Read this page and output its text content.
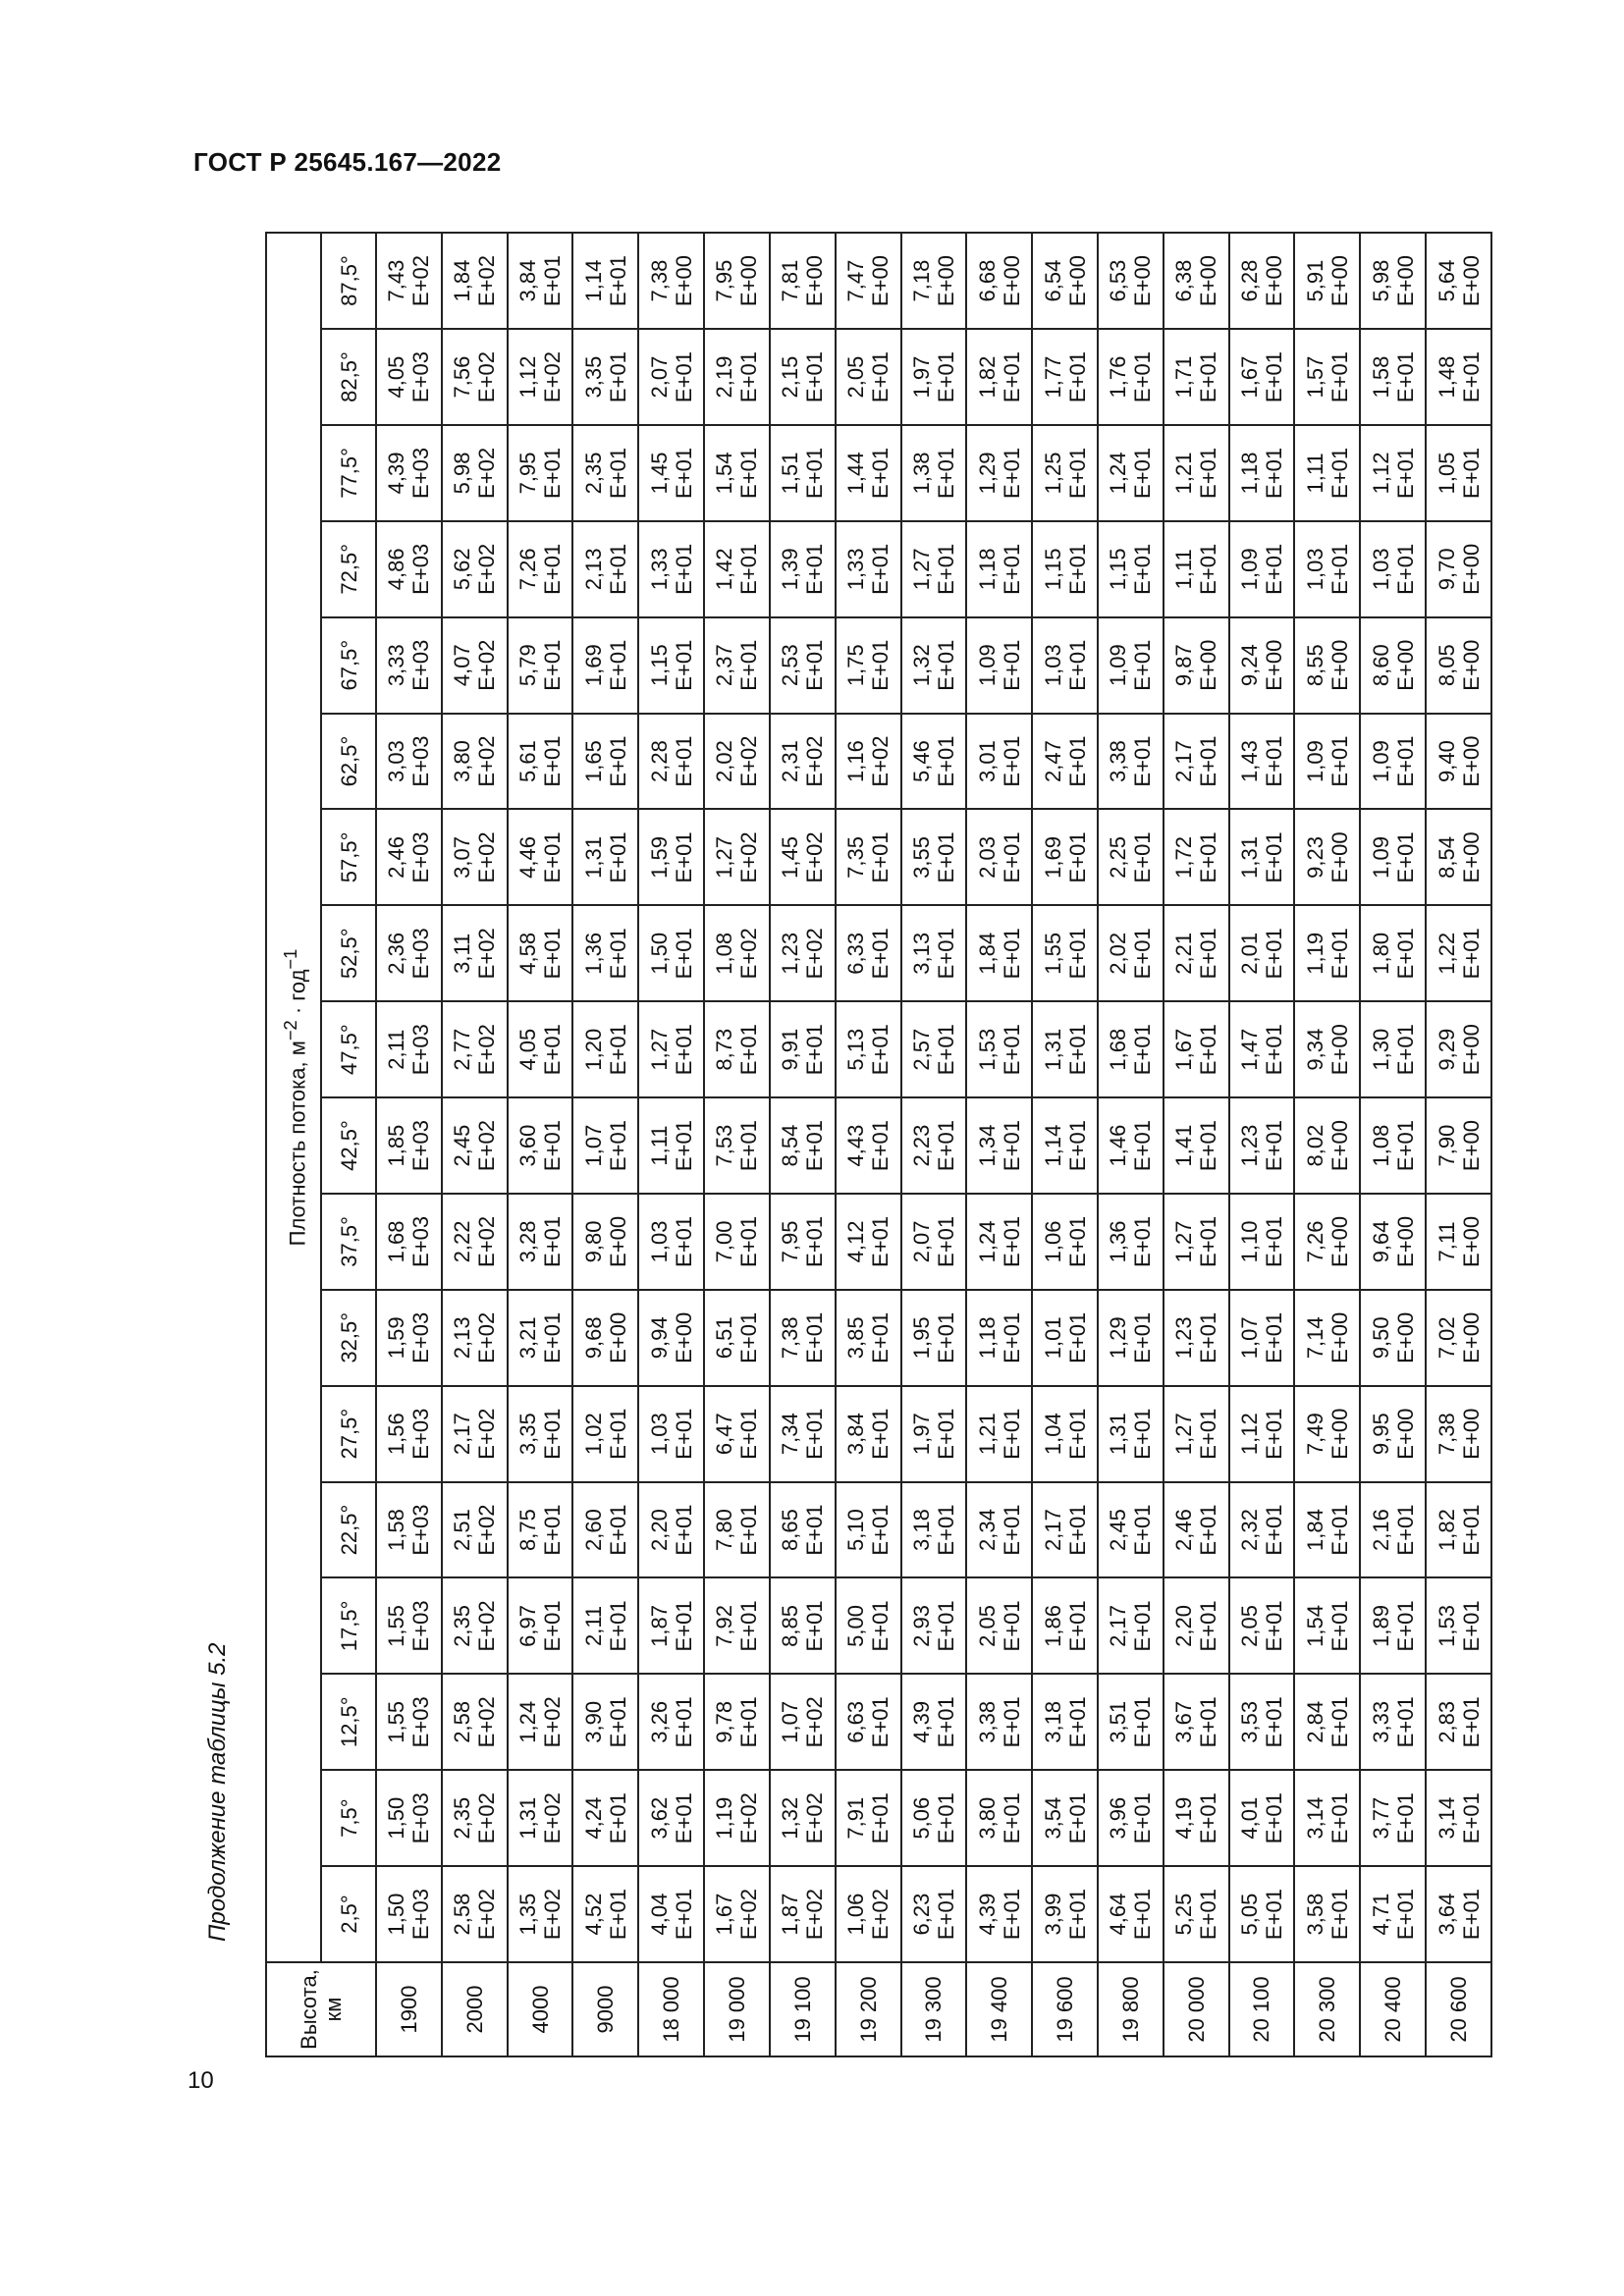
ГОСТ Р 25645.167—2022
Продолжение таблицы 5.2
10
Высота, км	Плотность потока, $м^{-2} \cdot год^{-1}$
	2,5°	7,5°	12,5°	17,5°	22,5°	27,5°	32,5°	37,5°	42,5°	47,5°	52,5°	57,5°	62,5°	67,5°	72,5°	77,5°	82,5°	87,5°
1900	1,50 E+03	1,50 E+03	1,55 E+03	1,55 E+03	1,58 E+03	1,56 E+03	1,59 E+03	1,68 E+03	1,85 E+03	2,11 E+03	2,36 E+03	2,46 E+03	3,03 E+03	3,33 E+03	4,86 E+03	4,39 E+03	4,05 E+03	7,43 E+02

2000	2,58 E+02	2,35 E+02	2,58 E+02	2,35 E+02	2,51 E+02	2,17 E+02	2,13 E+02	2,22 E+02	2,45 E+02	2,77 E+02	3,11 E+02	3,07 E+02	3,80 E+02	4,07 E+02	5,62 E+02	5,98 E+02	7,56 E+02	1,84 E+02

4000	1,35 E+02	1,31 E+02	1,24 E+02	6,97 E+01	8,75 E+01	3,35 E+01	3,21 E+01	3,28 E+01	3,60 E+01	4,05 E+01	4,58 E+01	4,46 E+01	5,61 E+01	5,79 E+01	7,26 E+01	7,95 E+01	1,12 E+02	3,84 E+01

9000	4,52 E+01	4,24 E+01	3,90 E+01	2,11 E+01	2,60 E+01	1,02 E+01	9,68 E+00	9,80 E+00	1,07 E+01	1,20 E+01	1,36 E+01	1,31 E+01	1,65 E+01	1,69 E+01	2,13 E+01	2,35 E+01	3,35 E+01	1,14 E+01

18 000	4,04 E+01	3,62 E+01	3,26 E+01	1,87 E+01	2,20 E+01	1,03 E+01	9,94 E+00	1,03 E+01	1,11 E+01	1,27 E+01	1,50 E+01	1,59 E+01	2,28 E+01	1,15 E+01	1,33 E+01	1,45 E+01	2,07 E+01	7,38 E+00

19 000	1,67 E+02	1,19 E+02	9,78 E+01	7,92 E+01	7,80 E+01	6,47 E+01	6,51 E+01	7,00 E+01	7,53 E+01	8,73 E+01	1,08 E+02	1,27 E+02	2,02 E+02	2,37 E+01	1,42 E+01	1,54 E+01	2,19 E+01	7,95 E+00

19 100	1,87 E+02	1,32 E+02	1,07 E+02	8,85 E+01	8,65 E+01	7,34 E+01	7,38 E+01	7,95 E+01	8,54 E+01	9,91 E+01	1,23 E+02	1,45 E+02	2,31 E+02	2,53 E+01	1,39 E+01	1,51 E+01	2,15 E+01	7,81 E+00

19 200	1,06 E+02	7,91 E+01	6,63 E+01	5,00 E+01	5,10 E+01	3,84 E+01	3,85 E+01	4,12 E+01	4,43 E+01	5,13 E+01	6,33 E+01	7,35 E+01	1,16 E+02	1,75 E+01	1,33 E+01	1,44 E+01	2,05 E+01	7,47 E+00

19 300	6,23 E+01	5,06 E+01	4,39 E+01	2,93 E+01	3,18 E+01	1,97 E+01	1,95 E+01	2,07 E+01	2,23 E+01	2,57 E+01	3,13 E+01	3,55 E+01	5,46 E+01	1,32 E+01	1,27 E+01	1,38 E+01	1,97 E+01	7,18 E+00

19 400	4,39 E+01	3,80 E+01	3,38 E+01	2,05 E+01	2,34 E+01	1,21 E+01	1,18 E+01	1,24 E+01	1,34 E+01	1,53 E+01	1,84 E+01	2,03 E+01	3,01 E+01	1,09 E+01	1,18 E+01	1,29 E+01	1,82 E+01	6,68 E+00

19 600	3,99 E+01	3,54 E+01	3,18 E+01	1,86 E+01	2,17 E+01	1,04 E+01	1,01 E+01	1,06 E+01	1,14 E+01	1,31 E+01	1,55 E+01	1,69 E+01	2,47 E+01	1,03 E+01	1,15 E+01	1,25 E+01	1,77 E+01	6,54 E+00

19 800	4,64 E+01	3,96 E+01	3,51 E+01	2,17 E+01	2,45 E+01	1,31 E+01	1,29 E+01	1,36 E+01	1,46 E+01	1,68 E+01	2,02 E+01	2,25 E+01	3,38 E+01	1,09 E+01	1,15 E+01	1,24 E+01	1,76 E+01	6,53 E+00

20 000	5,25 E+01	4,19 E+01	3,67 E+01	2,20 E+01	2,46 E+01	1,27 E+01	1,23 E+01	1,27 E+01	1,41 E+01	1,67 E+01	2,21 E+01	1,72 E+01	2,17 E+01	9,87 E+00	1,11 E+01	1,21 E+01	1,71 E+01	6,38 E+00

20 100	5,05 E+01	4,01 E+01	3,53 E+01	2,05 E+01	2,32 E+01	1,12 E+01	1,07 E+01	1,10 E+01	1,23 E+01	1,47 E+01	2,01 E+01	1,31 E+01	1,43 E+01	9,24 E+00	1,09 E+01	1,18 E+01	1,67 E+01	6,28 E+00

20 300	3,58 E+01	3,14 E+01	2,84 E+01	1,54 E+01	1,84 E+01	7,49 E+00	7,14 E+00	7,26 E+00	8,02 E+00	9,34 E+00	1,19 E+01	9,23 E+00	1,09 E+01	8,55 E+00	1,03 E+01	1,11 E+01	1,57 E+01	5,91 E+00

20 400	4,71 E+01	3,77 E+01	3,33 E+01	1,89 E+01	2,16 E+01	9,95 E+00	9,50 E+00	9,64 E+00	1,08 E+01	1,30 E+01	1,80 E+01	1,09 E+01	1,09 E+01	8,60 E+00	1,03 E+01	1,12 E+01	1,58 E+01	5,98 E+00

20 600	3,64 E+01	3,14 E+01	2,83 E+01	1,53 E+01	1,82 E+01	7,38 E+00	7,02 E+00	7,11 E+00	7,90 E+00	9,29 E+00	1,22 E+01	8,54 E+00	9,40 E+00	8,05 E+00	9,70 E+00	1,05 E+01	1,48 E+01	5,64 E+00
